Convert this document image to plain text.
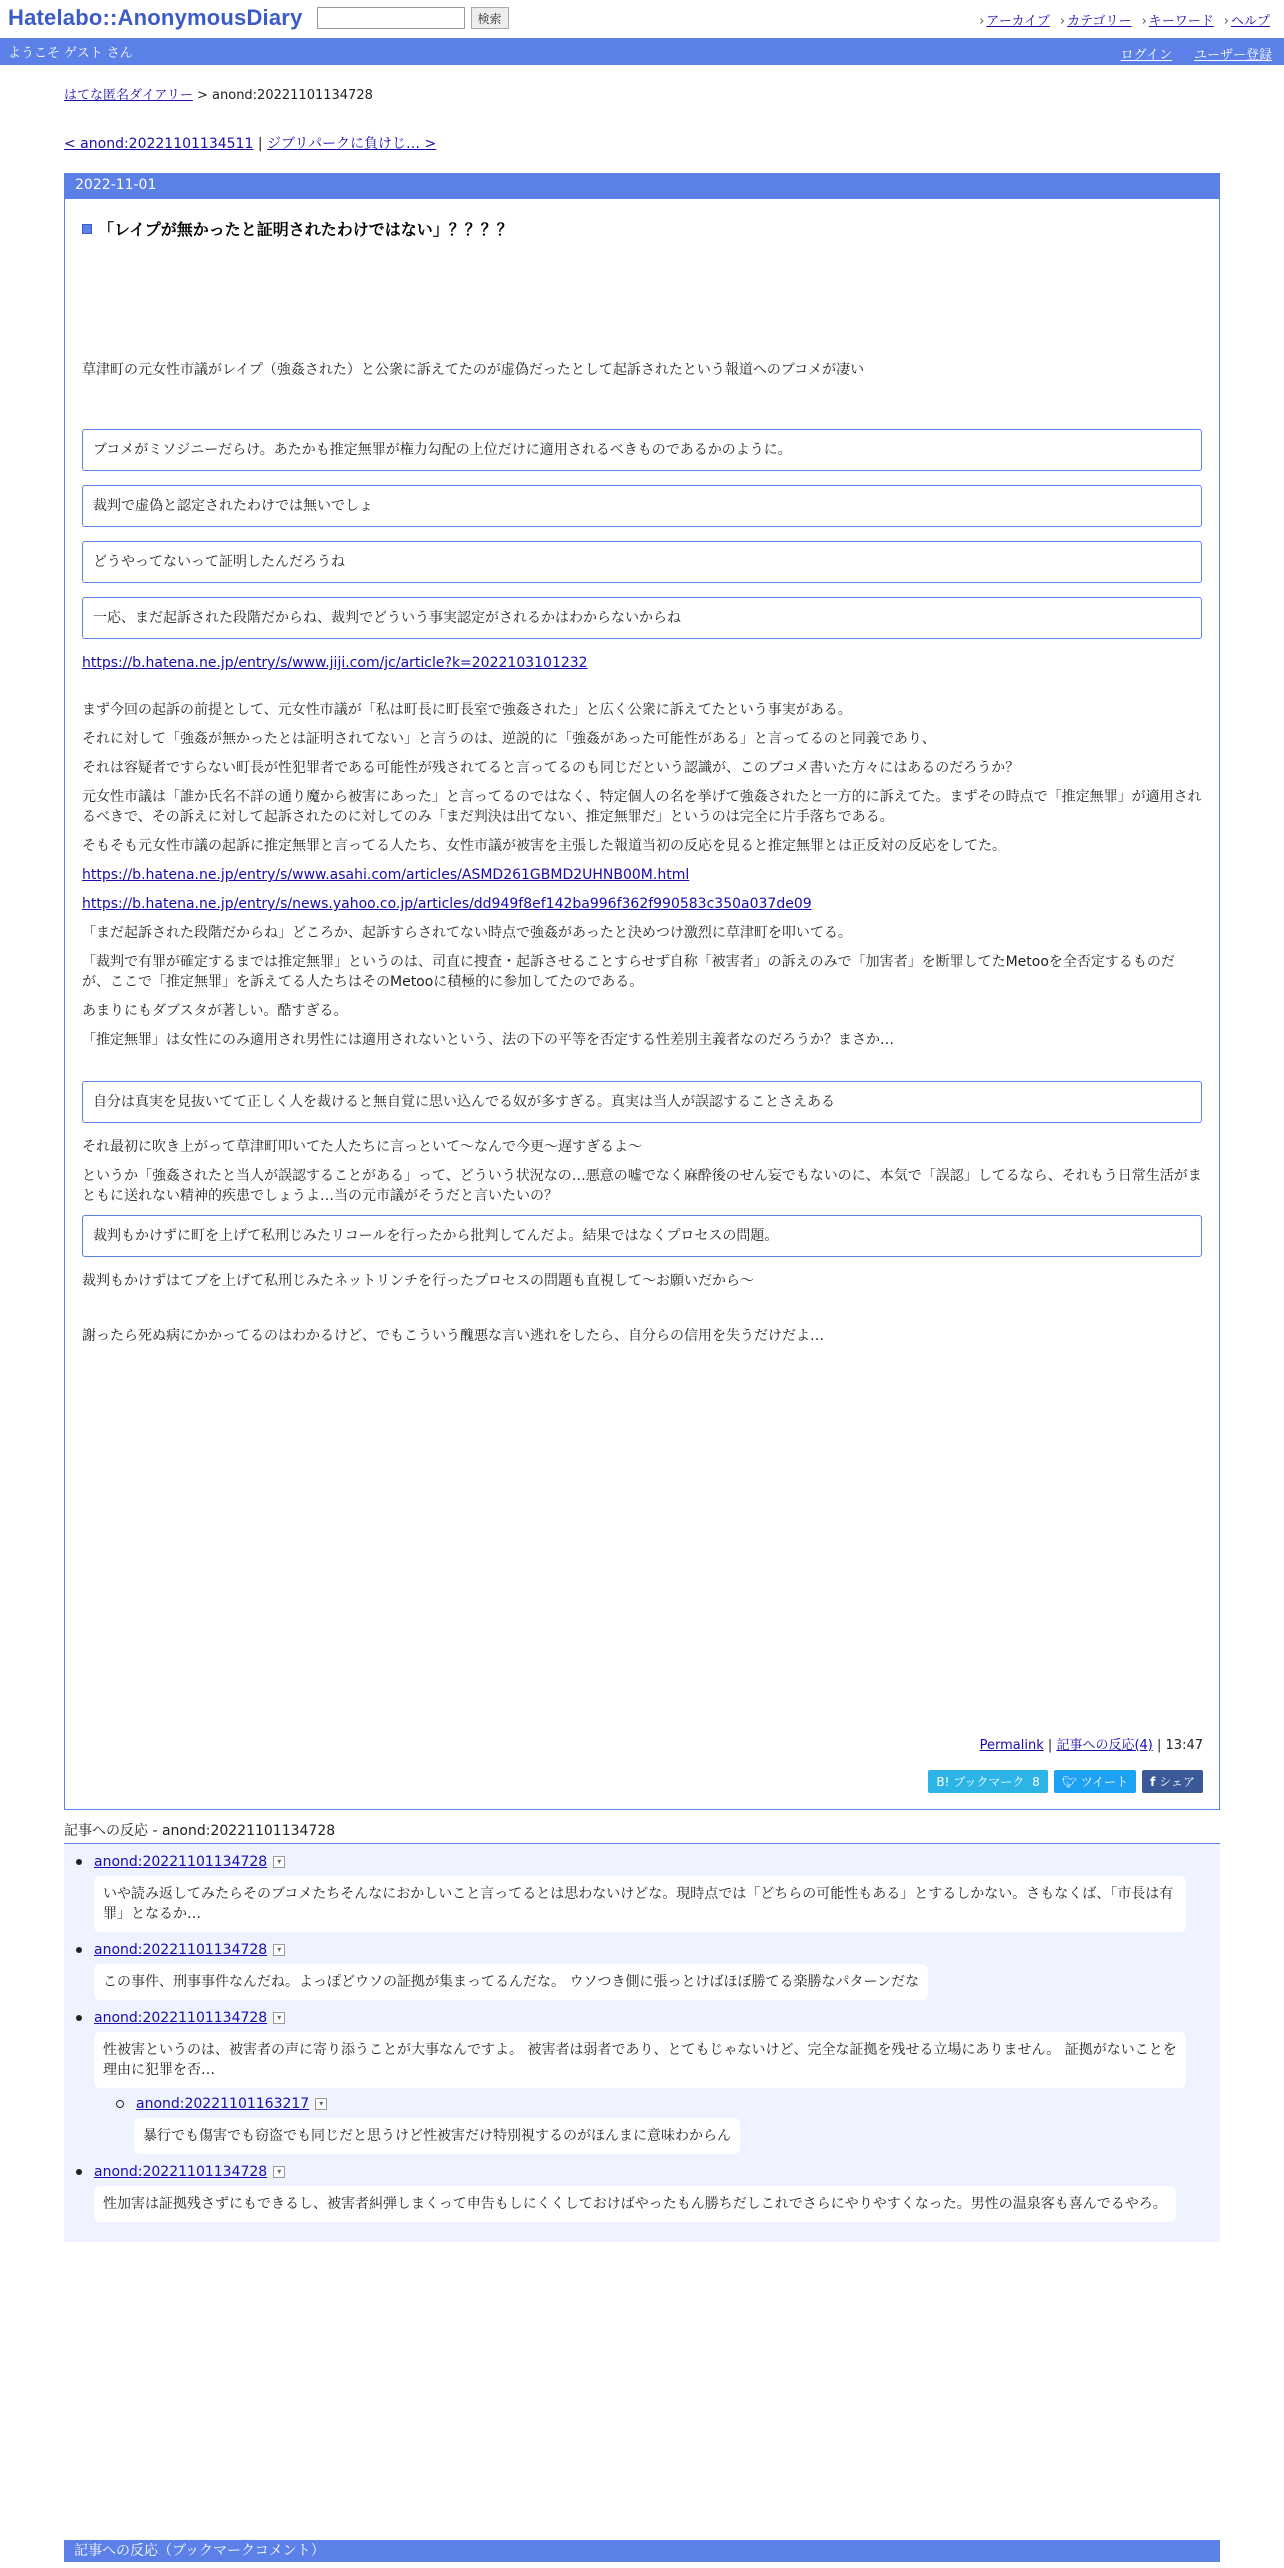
Hatelabo::AnonymousDiary	検索	› アーカイブ	› カテゴリー	› キーワード	› ヘルプ
ようこそ ゲスト さん	ログイン ユーザー登録
はてな匿名ダイアリー > anond:20221101134728
< anond:20221101134511 | ジブリパークに負けじ… >
2022-11-01
「レイプが無かったと証明されたわけではない」？？？？

草津町の元女性市議がレイプ（強姦された）と公衆に訴えてたのが虚偽だったとして起訴されたという報道へのブコメが凄い

ブコメがミソジニーだらけ。あたかも推定無罪が権力勾配の上位だけに適用されるべきものであるかのように。
裁判で虚偽と認定されたわけでは無いでしょ
どうやってないって証明したんだろうね
一応、まだ起訴された段階だからね、裁判でどういう事実認定がされるかはわからないからね

https://b.hatena.ne.jp/entry/s/www.jiji.com/jc/article?k=2022103101232

まず今回の起訴の前提として、元女性市議が「私は町長に町長室で強姦された」と広く公衆に訴えてたという事実がある。

それに対して「強姦が無かったとは証明されてない」と言うのは、逆説的に「強姦があった可能性がある」と言ってるのと同義であり、

それは容疑者ですらない町長が性犯罪者である可能性が残されてると言ってるのも同じだという認識が、このブコメ書いた方々にはあるのだろうか？

元女性市議は「誰か氏名不詳の通り魔から被害にあった」と言ってるのではなく、特定個人の名を挙げて強姦されたと一方的に訴えてた。まずその時点で「推定無罪」が適用されるべきで、その訴えに対して起訴されたのに対してのみ「まだ判決は出てない、推定無罪だ」というのは完全に片手落ちである。

そもそも元女性市議の起訴に推定無罪と言ってる人たち、女性市議が被害を主張した報道当初の反応を見ると推定無罪とは正反対の反応をしてた。

https://b.hatena.ne.jp/entry/s/www.asahi.com/articles/ASMD261GBMD2UHNB00M.html

https://b.hatena.ne.jp/entry/s/news.yahoo.co.jp/articles/dd949f8ef142ba996f362f990583c350a037de09

「まだ起訴された段階だからね」どころか、起訴すらされてない時点で強姦があったと決めつけ激烈に草津町を叩いてる。

「裁判で有罪が確定するまでは推定無罪」というのは、司直に捜査・起訴させることすらせず自称「被害者」の訴えのみで「加害者」を断罪してたMetooを全否定するものだが、ここで「推定無罪」を訴えてる人たちはそのMetooに積極的に参加してたのである。

あまりにもダブスタが著しい。酷すぎる。

「推定無罪」は女性にのみ適用され男性には適用されないという、法の下の平等を否定する性差別主義者なのだろうか？まさか…

自分は真実を見抜いてて正しく人を裁けると無自覚に思い込んでる奴が多すぎる。真実は当人が誤認することさえある

それ最初に吹き上がって草津町叩いてた人たちに言っといて～なんで今更～遅すぎるよ～

というか「強姦されたと当人が誤認することがある」って、どういう状況なの…悪意の嘘でなく麻酔後のせん妄でもないのに、本気で「誤認」してるなら、それもう日常生活がまともに送れない精神的疾患でしょうよ…当の元市議がそうだと言いたいの？

裁判もかけずに町を上げて私刑じみたリコールを行ったから批判してんだよ。結果ではなくプロセスの問題。

裁判もかけずはてブを上げて私刑じみたネットリンチを行ったプロセスの問題も直視して～お願いだから～

謝ったら死ぬ病にかかってるのはわかるけど、でもこういう醜悪な言い逃れをしたら、自分らの信用を失うだけだよ…

Permalink | 記事への反応(4) | 13:47
B! ブックマーク 8	🐦︎ ツイート	f シェア
記事への反応 - anond:20221101134728
anond:20221101134728	▾
いや読み返してみたらそのブコメたちそんなにおかしいこと言ってるとは思わないけどな。現時点では「どちらの可能性もある」とするしかない。さもなくば、「市長は有罪」となるか…
anond:20221101134728	▾
この事件、刑事事件なんだね。よっぽどウソの証拠が集まってるんだな。 ウソつき側に張っとけばほぼ勝てる楽勝なパターンだな
anond:20221101134728	▾
性被害というのは、被害者の声に寄り添うことが大事なんですよ。 被害者は弱者であり、とてもじゃないけど、完全な証拠を残せる立場にありません。 証拠がないことを理由に犯罪を否…
anond:20221101163217	▾
暴行でも傷害でも窃盗でも同じだと思うけど性被害だけ特別視するのがほんまに意味わからん
anond:20221101134728	▾
性加害は証拠残さずにもできるし、被害者糾弾しまくって申告もしにくくしておけばやったもん勝ちだしこれでさらにやりやすくなった。男性の温泉客も喜んでるやろ。
記事への反応（ブックマークコメント）
